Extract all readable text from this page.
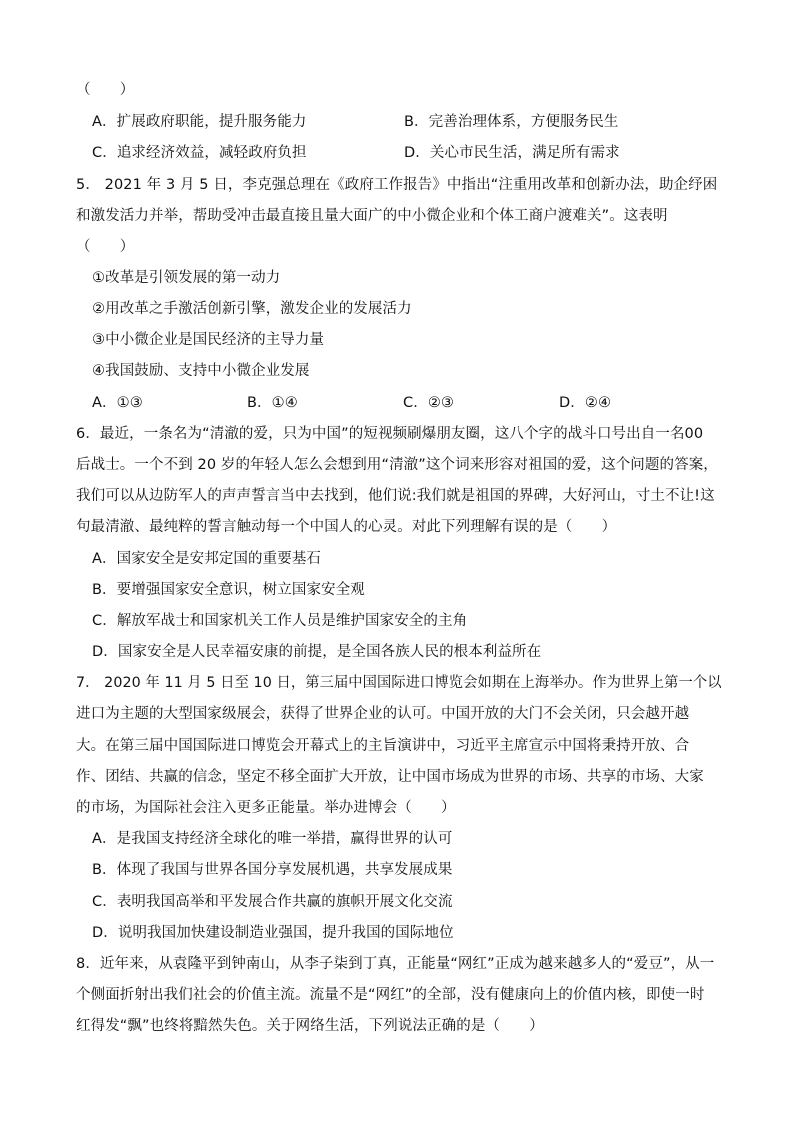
（　　）
A．扩展政府职能，提升服务能力	B．完善治理体系，方便服务民生
C．追求经济效益，减轻政府负担	D．关心市民生活，满足所有需求
5． 2021 年 3 月 5 日，李克强总理在《政府工作报告》中指出“注重用改革和创新办法，助企纾困
和激发活力并举，帮助受冲击最直接且量大面广的中小微企业和个体工商户渡难关”。这表明
（　　）
①改革是引领发展的第一动力
②用改革之手激活创新引擎，激发企业的发展活力
③中小微企业是国民经济的主导力量
④我国鼓励、支持中小微企业发展
A．①③	B．①④	C．②③	D．②④
6．最近，一条名为“清澈的爱，只为中国”的短视频刷爆朋友圈，这八个字的战斗口号出自一名00
后战士。一个不到 20 岁的年轻人怎么会想到用“清澈”这个词来形容对祖国的爱，这个问题的答案，
我们可以从边防军人的声声誓言当中去找到，他们说:我们就是祖国的界碑，大好河山，寸土不让!这
句最清澈、最纯粹的誓言触动每一个中国人的心灵。对此下列理解有误的是（　　）
A．国家安全是安邦定国的重要基石
B．要增强国家安全意识，树立国家安全观
C．解放军战士和国家机关工作人员是维护国家安全的主角
D．国家安全是人民幸福安康的前提，是全国各族人民的根本利益所在
7． 2020 年 11 月 5 日至 10 日，第三届中国国际进口博览会如期在上海举办。作为世界上第一个以
进口为主题的大型国家级展会，获得了世界企业的认可。中国开放的大门不会关闭，只会越开越
大。在第三届中国国际进口博览会开幕式上的主旨演讲中，习近平主席宣示中国将秉持开放、合
作、团结、共赢的信念，坚定不移全面扩大开放，让中国市场成为世界的市场、共享的市场、大家
的市场，为国际社会注入更多正能量。举办进博会（　　）
A．是我国支持经济全球化的唯一举措，赢得世界的认可
B．体现了我国与世界各国分享发展机遇，共享发展成果
C．表明我国高举和平发展合作共赢的旗帜开展文化交流
D．说明我国加快建设制造业强国，提升我国的国际地位
8．近年来，从袁隆平到钟南山，从李子柒到丁真，正能量“网红”正成为越来越多人的“爱豆”，从一
个侧面折射出我们社会的价值主流。流量不是“网红”的全部，没有健康向上的价值内核，即使一时
红得发“飘”也终将黯然失色。关于网络生活，下列说法正确的是（　　）
